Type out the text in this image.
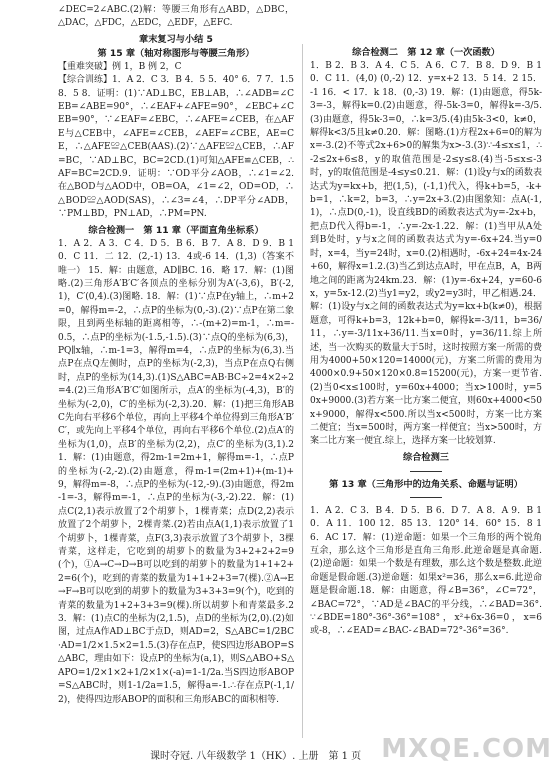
∠DEC=2∠ABC.(2)解：等腰三角形有△ABD，△DBC，△DAC，△FDC，△EDC，△EDF，△EFC.

章末复习与小结 5
第 15 章（轴对称图形与等腰三角形）

【重难突破】例 1，B 例 2，C

【综合训练】1．A 2．C 3．B 4．5 5．40° 6．7 7．1.5 8．5 8．证明：(1)∵AD⊥BC，EB⊥AB，∴∠ADB=∠CEB=∠ABE=90°，∴∠EAF+∠AFE=90°，∠EBC+∠CEB=90°，∵∠EAF=∠EBC，∴∠AFE=∠CEB，在△AFE与△CEB中，∠AFE=∠CEB，∠AEF=∠CBE，AE=CE，∴△AFE≌△CEB(AAS).(2)∵△AFE≌△CEB，∴AF=BC，∵AD⊥BC，BC=2CD.(1)可知△AFE≌△CEB，∴AF=BC=2CD.9．证明：∵OD平分∠AOB，∴∠1=∠2.在△BOD与△AOD中，OB=OA，∠1=∠2，OD=OD，∴△BOD≌△AOD(SAS)，∴∠3=∠4，∴DP平分∠ADB，∵PM⊥BD，PN⊥AD，∴PM=PN.

综合检测一　第 11 章（平面直角坐标系）

1．A 2．A 3．C 4．D 5．B 6．B 7．A 8．D 9．B 10．C 11．二 12．(2,-1) 13．4或-6 14．(1,3)（答案不唯一） 15．解：由题意，AD∥BC. 16．略 17．解：(1)图略.(2)三角形A′B′C′各顶点的坐标分别为A′(-3,6)，B′(-2,1)，C′(0,4).(3)图略. 18．解：(1)∵点P在y轴上，∴m+2=0，解得m=-2，∴点P的坐标为(0,-3).(2)∵点P在第二象限，且到两坐标轴的距离相等，∴-(m+2)=m-1，∴m=-0.5，∴点P的坐标为(-1.5,-1.5).(3)∵点Q的坐标为(6,3)，PQ∥x轴，∴m-1=3，解得m=4，∴点P的坐标为(6,3).当点P在点Q左侧时，点P的坐标为(-2,3)，当点P在点Q右侧时，点P的坐标为(14,3).(1)S△ABC=AB·BC÷2=4×2÷2=4.(2)三角形A′B′C′如图所示，点A′的坐标为(-4,3)，B′的坐标为(-2,0)，C′的坐标为(-2,3).20．解：(1)把三角形ABC先向右平移6个单位，再向上平移4个单位得到三角形A′B′C′，或先向上平移4个单位，再向右平移6个单位.(2)点A′的坐标为(1,0)，点B′的坐标为(2,2)，点C′的坐标为(3,1).21．解：(1)由题意，得2m-1=2m+1，解得m=-1，∴点P的坐标为(-2,-2).(2)由题意，得m-1=(2m+1)+(m-1)+9，解得m=-8，∴点P的坐标为(-12,-9).(3)由题意，得2m-1=-3，解得m=-1，∴点P的坐标为(-3,-2).22．解：(1)点C(2,1)表示放置了2个胡萝卜，1棵青菜；点D(2,2)表示放置了2个胡萝卜，2棵青菜.(2)若由点A(1,1)表示放置了1个胡萝卜，1棵青菜，点F(3,3)表示放置了3个胡萝卜，3棵青菜，这样走，它吃到的胡萝卜的数量为3+2+2+2=9(个)，①A→C→D→B可以吃到的胡萝卜的数量为1+1+2+2=6(个)，吃到的青菜的数量为1+1+2+3=7(棵).②A→E→F→B可以吃到的胡萝卜的数量为3+3+3=9(个)，吃到的青菜的数量为1+2+3+3=9(棵).所以胡萝卜和青菜最多.23．解：(1)点C的坐标为(2,1.5)，点D的坐标为(2,0).(2)如图，过点A作AD⊥BC于点D，则AD=2，S△ABC=1/2BC·AD=1/2×1.5×2=1.5.(3)存在点P，使S四边形ABOP=S△ABC，理由如下：设点P的坐标为(a,1)，则S△ABO+S△APO=1/2×1×2+1/2×1×(-a)=1-1/2a.当S四边形ABOP=S△ABC时，则1-1/2a=1.5，解得a=-1.∴存在点P(-1,1/2)，使得四边形ABOP的面积和三角形ABC的面积相等.

综合检测二　第 12 章（一次函数）

1．B 2．B 3．A 4．C 5．A 6．C 7．B 8．D 9．B 10．C 11．(4,0) (0,-2) 12．y=x+2 13．5 14．2 15．-1 16．< 17．k 18．(0,-3) 19．解：(1)由题意，得5k-3=-3，解得k=0.(2)由题意，得-5k-3=0，解得k=-3/5.(3)由题意，得5k-3=0，∴k=3/5.(4)由5k-3<0，k≠0，解得k<3/5且k≠0.20．解：图略.(1)方程2x+6=0的解为x=-3.(2)不等式2x+6>0的解集为x>-3.(3)∵-4≤x≤1，∴-2≤2x+6≤8，y的取值范围是-2≤y≤8.(4)当-5≤x≤-3时，y的取值范围是-4≤y≤0.21．解：(1)设y与x的函数表达式为y=kx+b，把(1,5)，(-1,1)代入，得k+b=5，-k+b=1，∴k=2，b=3，∴y=2x+3.(2)由图象知：点A(-1,1)，∴点D(0,-1)，设直线BD的函数表达式为y=-2x+b，把点D代入得b=-1，∴y=-2x-1.22．解：(1)当甲从A处到B处时，y与x之间的函数表达式为y=-6x+24.当y=0时，x=4，当y=24时，x=0.(2)相遇时，-6x+24=4x-24+60，解得x=1.2.(3)当乙到达点A时，甲在点B，A，B两地之间的距离为24km.23．解：(1)y=-6x+24，y=60-6x，y=5x-12.(2)当y1=y2，或y2=y3时，甲乙相遇.24．解：(1)设y与x之间的函数表达式为y=kx+b(k≠0)，根据题意，可得k+b=3，12k+b=0，解得k=-3/11，b=36/11，∴y=-3/11x+36/11.当x=0时，y=36/11.综上所述，当一次购买的数量大于5时，这时按照方案一所需的费用为4000+50×120=14000(元)，方案二所需的费用为4000×0.9+50×120×0.8=15200(元)，方案一更节省.(2)当0<x≤100时，y=60x+4000；当x>100时，y=50x+9000.(3)若方案一比方案二便宜，则60x+4000<50x+9000，解得x<500.所以当x<500时，方案一比方案二便宜；当x=500时，两方案一样便宜；当x>500时，方案二比方案一便宜.综上，选择方案一比较划算.

综合检测三
第 13 章（三角形中的边角关系、命题与证明）

1．A 2．C 3．B 4．D 5．B 6．D 7．A 8．A 9．B 10．A 11．100 12．85 13．120° 14．60° 15．8 16．AC 17．解：(1)逆命题：如果一个三角形的两个锐角互余，那么这个三角形是直角三角形.此逆命题是真命题.(2)逆命题：如果一个数是有理数，那么这个数是整数.此逆命题是假命题.(3)逆命题：如果x²=36，那么x=6.此逆命题是假命题.18．解：由题意，得∠B=36°，∠C=72°，∠BAC=72°，∵AD是∠BAC的平分线，∴∠BAD=36°.∵∠BDE=180°-36°-36°=108°，x²+6x-36=0，x=6或-8，∴∠EAD=∠BAC-∠BAD=72°-36°=36°.

课时夺冠. 八年级数学 1（HK）. 上册　第 1 页 MXQE.COM
